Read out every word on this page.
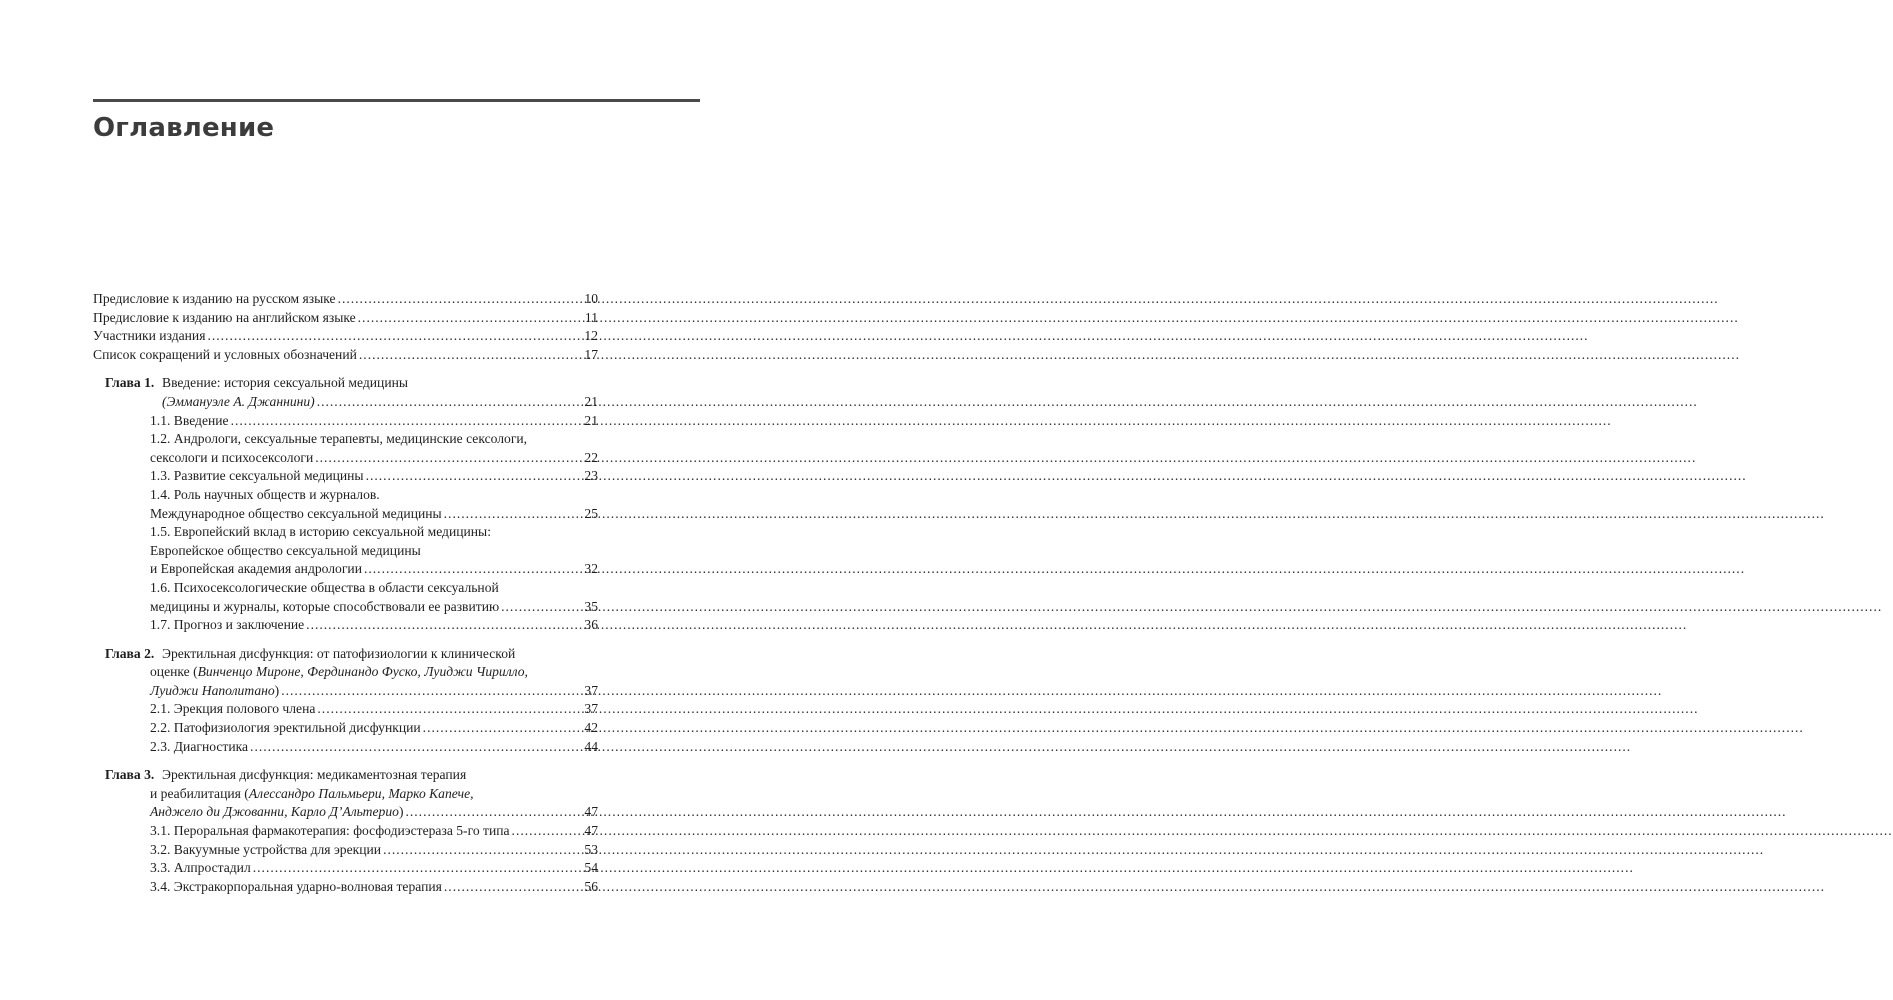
Оглавление
Предисловие к изданию на русском языке .....	10
Предисловие к изданию на английском языке .....	11
Участники издания .....	12
Список сокращений и условных обозначений .....	17
Глава 1. Введение: история сексуальной медицины
(Эммануэле А. Джаннини) .....	21
1.1. Введение .....	21
1.2. Андрологи, сексуальные терапевты, медицинские сексологи,
сексологи и психосексологи .....	22
1.3. Развитие сексуальной медицины .....	23
1.4. Роль научных обществ и журналов.
Международное общество сексуальной медицины .....	25
1.5. Европейский вклад в историю сексуальной медицины:
Европейское общество сексуальной медицины
и Европейская академия андрологии .....	32
1.6. Психосексологические общества в области сексуальной
медицины и журналы, которые способствовали ее развитию .....	35
1.7. Прогноз и заключение .....	36
Глава 2. Эректильная дисфункция: от патофизиологии к клинической
оценке (Винченцо Мироне, Фердинандо Фуско, Луиджи Чирилло,
Луиджи Наполитано) .....	37
2.1. Эрекция полового члена .....	37
2.2. Патофизиология эректильной дисфункции .....	42
2.3. Диагностика .....	44
Глава 3. Эректильная дисфункция: медикаментозная терапия
и реабилитация (Алессандро Пальмьери, Марко Капече,
Анджело ди Джованни, Карло Д’Альтерио) .....	47
3.1. Пероральная фармакотерапия: фосфодиэстераза 5-го типа .....	47
3.2. Вакуумные устройства для эрекции .....	53
3.3. Алпростадил .....	54
3.4. Экстракорпоральная ударно-волновая терапия .....	56
